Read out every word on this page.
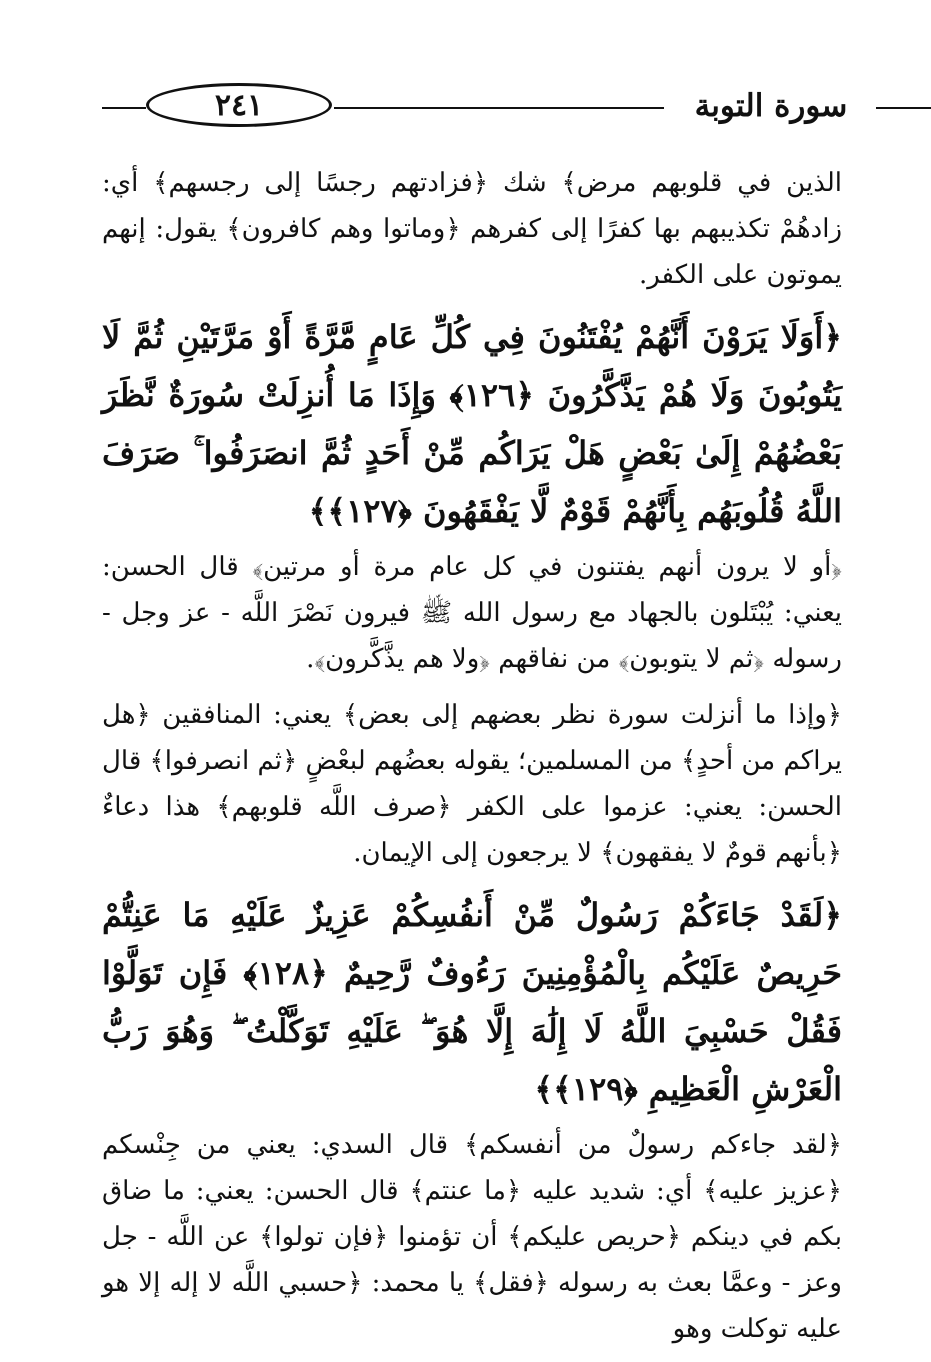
٢٤١	سورة التوبة

الذين في قلوبهم مرض﴾ شك ﴿فزادتهم رجسًا إلى رجسهم﴾ أي: زادهُمْ تكذيبهم بها كفرًا إلى كفرهم ﴿وماتوا وهم كافرون﴾ يقول: إنهم يموتون على الكفر.

﴿أَوَلَا يَرَوْنَ أَنَّهُمْ يُفْتَنُونَ فِي كُلِّ عَامٍ مَّرَّةً أَوْ مَرَّتَيْنِ ثُمَّ لَا يَتُوبُونَ وَلَا هُمْ يَذَّكَّرُونَ ﴿١٢٦﴾ وَإِذَا مَا أُنزِلَتْ سُورَةٌ نَّظَرَ بَعْضُهُمْ إِلَىٰ بَعْضٍ هَلْ يَرَاكُم مِّنْ أَحَدٍ ثُمَّ انصَرَفُوا ۚ صَرَفَ اللَّهُ قُلُوبَهُم بِأَنَّهُمْ قَوْمٌ لَّا يَفْقَهُونَ ﴿١٢٧﴾﴾

﴿أو لا يرون أنهم يفتنون في كل عام مرة أو مرتين﴾ قال الحسن: يعني: يُبْتَلون بالجهاد مع رسول الله ﷺ فيرون نَصْرَ اللَّه - عز وجل - رسوله ﴿ثم لا يتوبون﴾ من نفاقهم ﴿ولا هم يذَّكَّرون﴾.

﴿وإذا ما أنزلت سورة نظر بعضهم إلى بعض﴾ يعني: المنافقين ﴿هل يراكم من أحدٍ﴾ من المسلمين؛ يقوله بعضُهم لبعْضٍ ﴿ثم انصرفوا﴾ قال الحسن: يعني: عزموا على الكفر ﴿صرف اللَّه قلوبهم﴾ هذا دعاءٌ ﴿بأنهم قومٌ لا يفقهون﴾ لا يرجعون إلى الإيمان.

﴿لَقَدْ جَاءَكُمْ رَسُولٌ مِّنْ أَنفُسِكُمْ عَزِيزٌ عَلَيْهِ مَا عَنِتُّمْ حَرِيصٌ عَلَيْكُم بِالْمُؤْمِنِينَ رَءُوفٌ رَّحِيمٌ ﴿١٢٨﴾ فَإِن تَوَلَّوْا فَقُلْ حَسْبِيَ اللَّهُ لَا إِلَٰهَ إِلَّا هُوَ ۖ عَلَيْهِ تَوَكَّلْتُ ۖ وَهُوَ رَبُّ الْعَرْشِ الْعَظِيمِ ﴿١٢٩﴾﴾

﴿لقد جاءكم رسولٌ من أنفسكم﴾ قال السدي: يعني من جِنْسكم ﴿عزيز عليه﴾ أي: شديد عليه ﴿ما عنتم﴾ قال الحسن: يعني: ما ضاق بكم في دينكم ﴿حريص عليكم﴾ أن تؤمنوا ﴿فإن تولوا﴾ عن اللَّه - جل وعز - وعمَّا بعث به رسوله ﴿فقل﴾ يا محمد: ﴿حسبي اللَّه لا إله إلا هو عليه توكلت وهو
